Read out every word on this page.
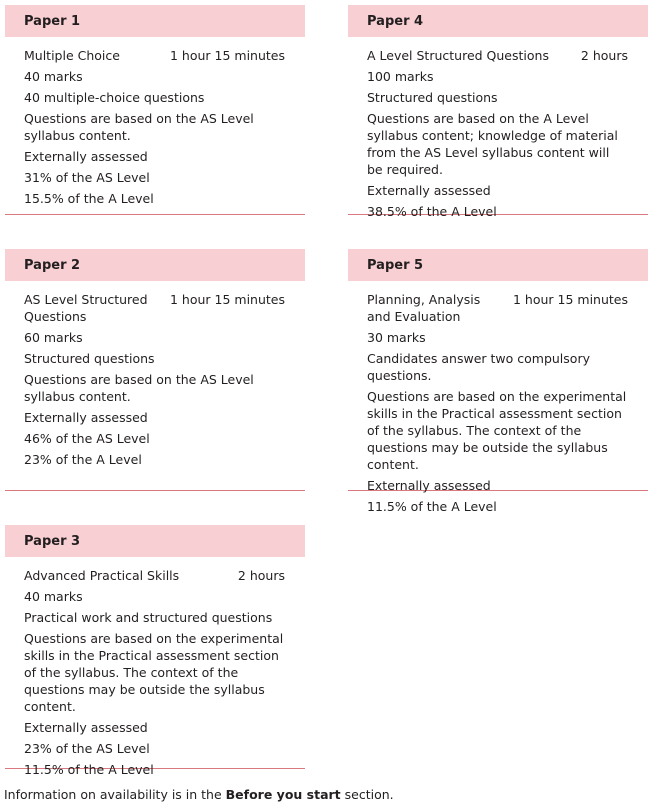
Paper 1
Multiple Choice	1 hour 15 minutes
40 marks
40 multiple-choice questions
Questions are based on the AS Level syllabus content.
Externally assessed
31% of the AS Level
15.5% of the A Level
Paper 4
A Level Structured Questions	2 hours
100 marks
Structured questions
Questions are based on the A Level syllabus content; knowledge of material from the AS Level syllabus content will be required.
Externally assessed
38.5% of the A Level
Paper 2
AS Level Structured Questions
1 hour 15 minutes
60 marks
Structured questions
Questions are based on the AS Level syllabus content.
Externally assessed
46% of the AS Level
23% of the A Level
Paper 5
Planning, Analysis and Evaluation
1 hour 15 minutes
30 marks
Candidates answer two compulsory questions.
Questions are based on the experimental skills in the Practical assessment section of the syllabus. The context of the questions may be outside the syllabus content.
Externally assessed
11.5% of the A Level
Paper 3
Advanced Practical Skills	2 hours
40 marks
Practical work and structured questions
Questions are based on the experimental skills in the Practical assessment section of the syllabus. The context of the questions may be outside the syllabus content.
Externally assessed
23% of the AS Level
11.5% of the A Level
Information on availability is in the Before you start section.
